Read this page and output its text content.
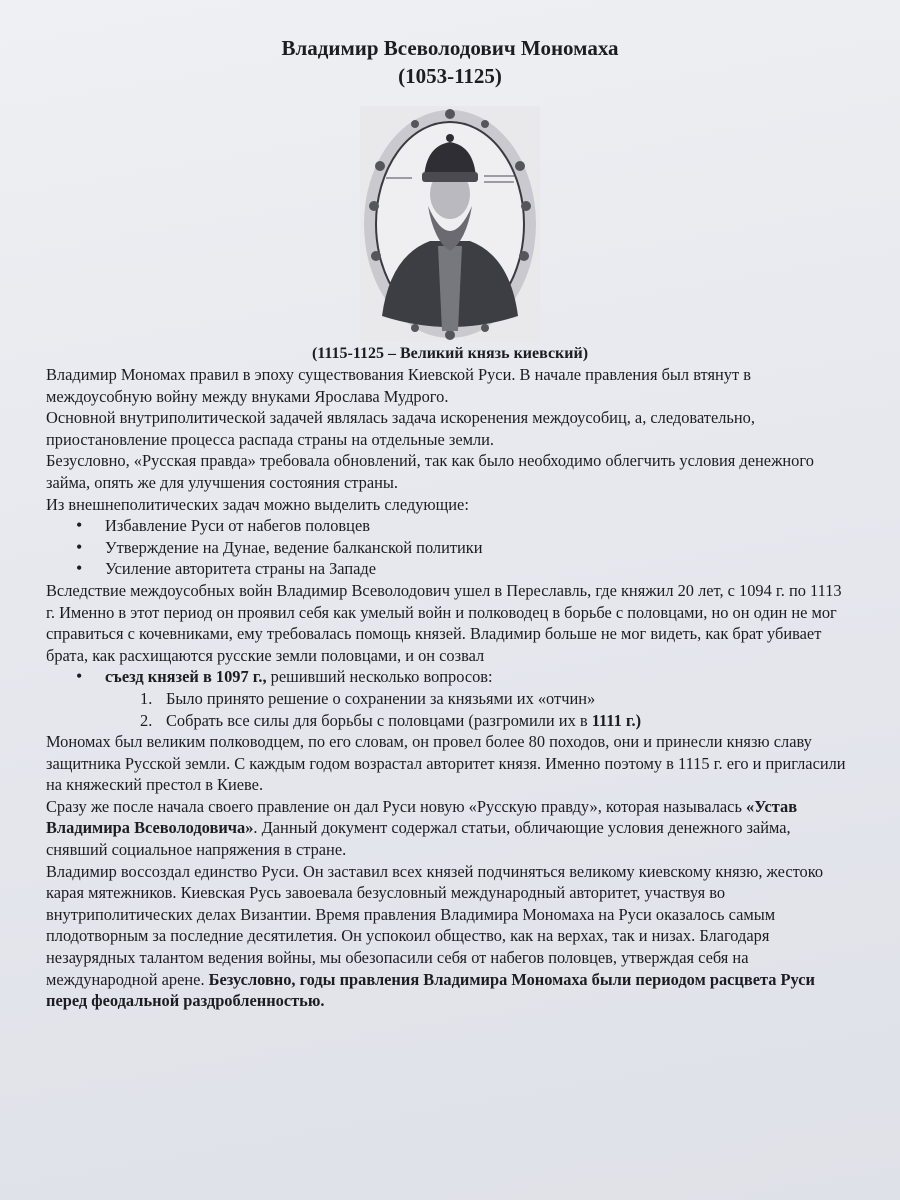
Владимир Всеволодович Мономаха

(1053-1125)

(1115-1125 – Великий князь киевский)

Владимир Мономах правил в эпоху существования Киевской Руси. В начале правления был втянут в междоусобную войну между внуками Ярослава Мудрого.

Основной внутриполитической задачей являлась задача искоренения междоусобиц, а, следовательно, приостановление процесса распада страны на отдельные земли.

Безусловно, «Русская правда» требовала обновлений, так как было необходимо облегчить условия денежного займа, опять же для улучшения состояния страны.

Из внешнеполитических задач можно выделить следующие:

• Избавление Руси от набегов половцев
• Утверждение на Дунае, ведение балканской политики
• Усиление авторитета страны на Западе

Вследствие междоусобных войн Владимир Всеволодович ушел в Переславль, где княжил 20 лет, с 1094 г. по 1113 г. Именно в этот период он проявил себя как умелый войн и полководец в борьбе с половцами, но он один не мог справиться с кочевниками, ему требовалась помощь князей. Владимир больше не мог видеть, как брат убивает брата, как расхищаются русские земли половцами, и он созвал

• съезд князей в 1097 г., решивший несколько вопросов:
1. Было принято решение о сохранении за князьями их «отчин»
2. Собрать все силы для борьбы с половцами (разгромили их в 1111 г.)

Мономах был великим полководцем, по его словам, он провел более 80 походов, они и принесли князю славу защитника Русской земли. С каждым годом возрастал авторитет князя. Именно поэтому в 1115 г. его и пригласили на княжеский престол в Киеве.

Сразу же после начала своего правление он дал Руси новую «Русскую правду», которая называлась «Устав Владимира Всеволодовича». Данный документ содержал статьи, обличающие условия денежного займа, снявший социальное напряжения в стране.

Владимир воссоздал единство Руси. Он заставил всех князей подчиняться великому киевскому князю, жестоко карая мятежников. Киевская Русь завоевала безусловный международный авторитет, участвуя во внутриполитических делах Византии. Время правления Владимира Мономаха на Руси оказалось самым плодотворным за последние десятилетия. Он успокоил общество, как на верхах, так и низах. Благодаря незаурядных талантом ведения войны, мы обезопасили себя от набегов половцев, утверждая себя на международной арене. Безусловно, годы правления Владимира Мономаха были периодом расцвета Руси перед феодальной раздробленностью.
